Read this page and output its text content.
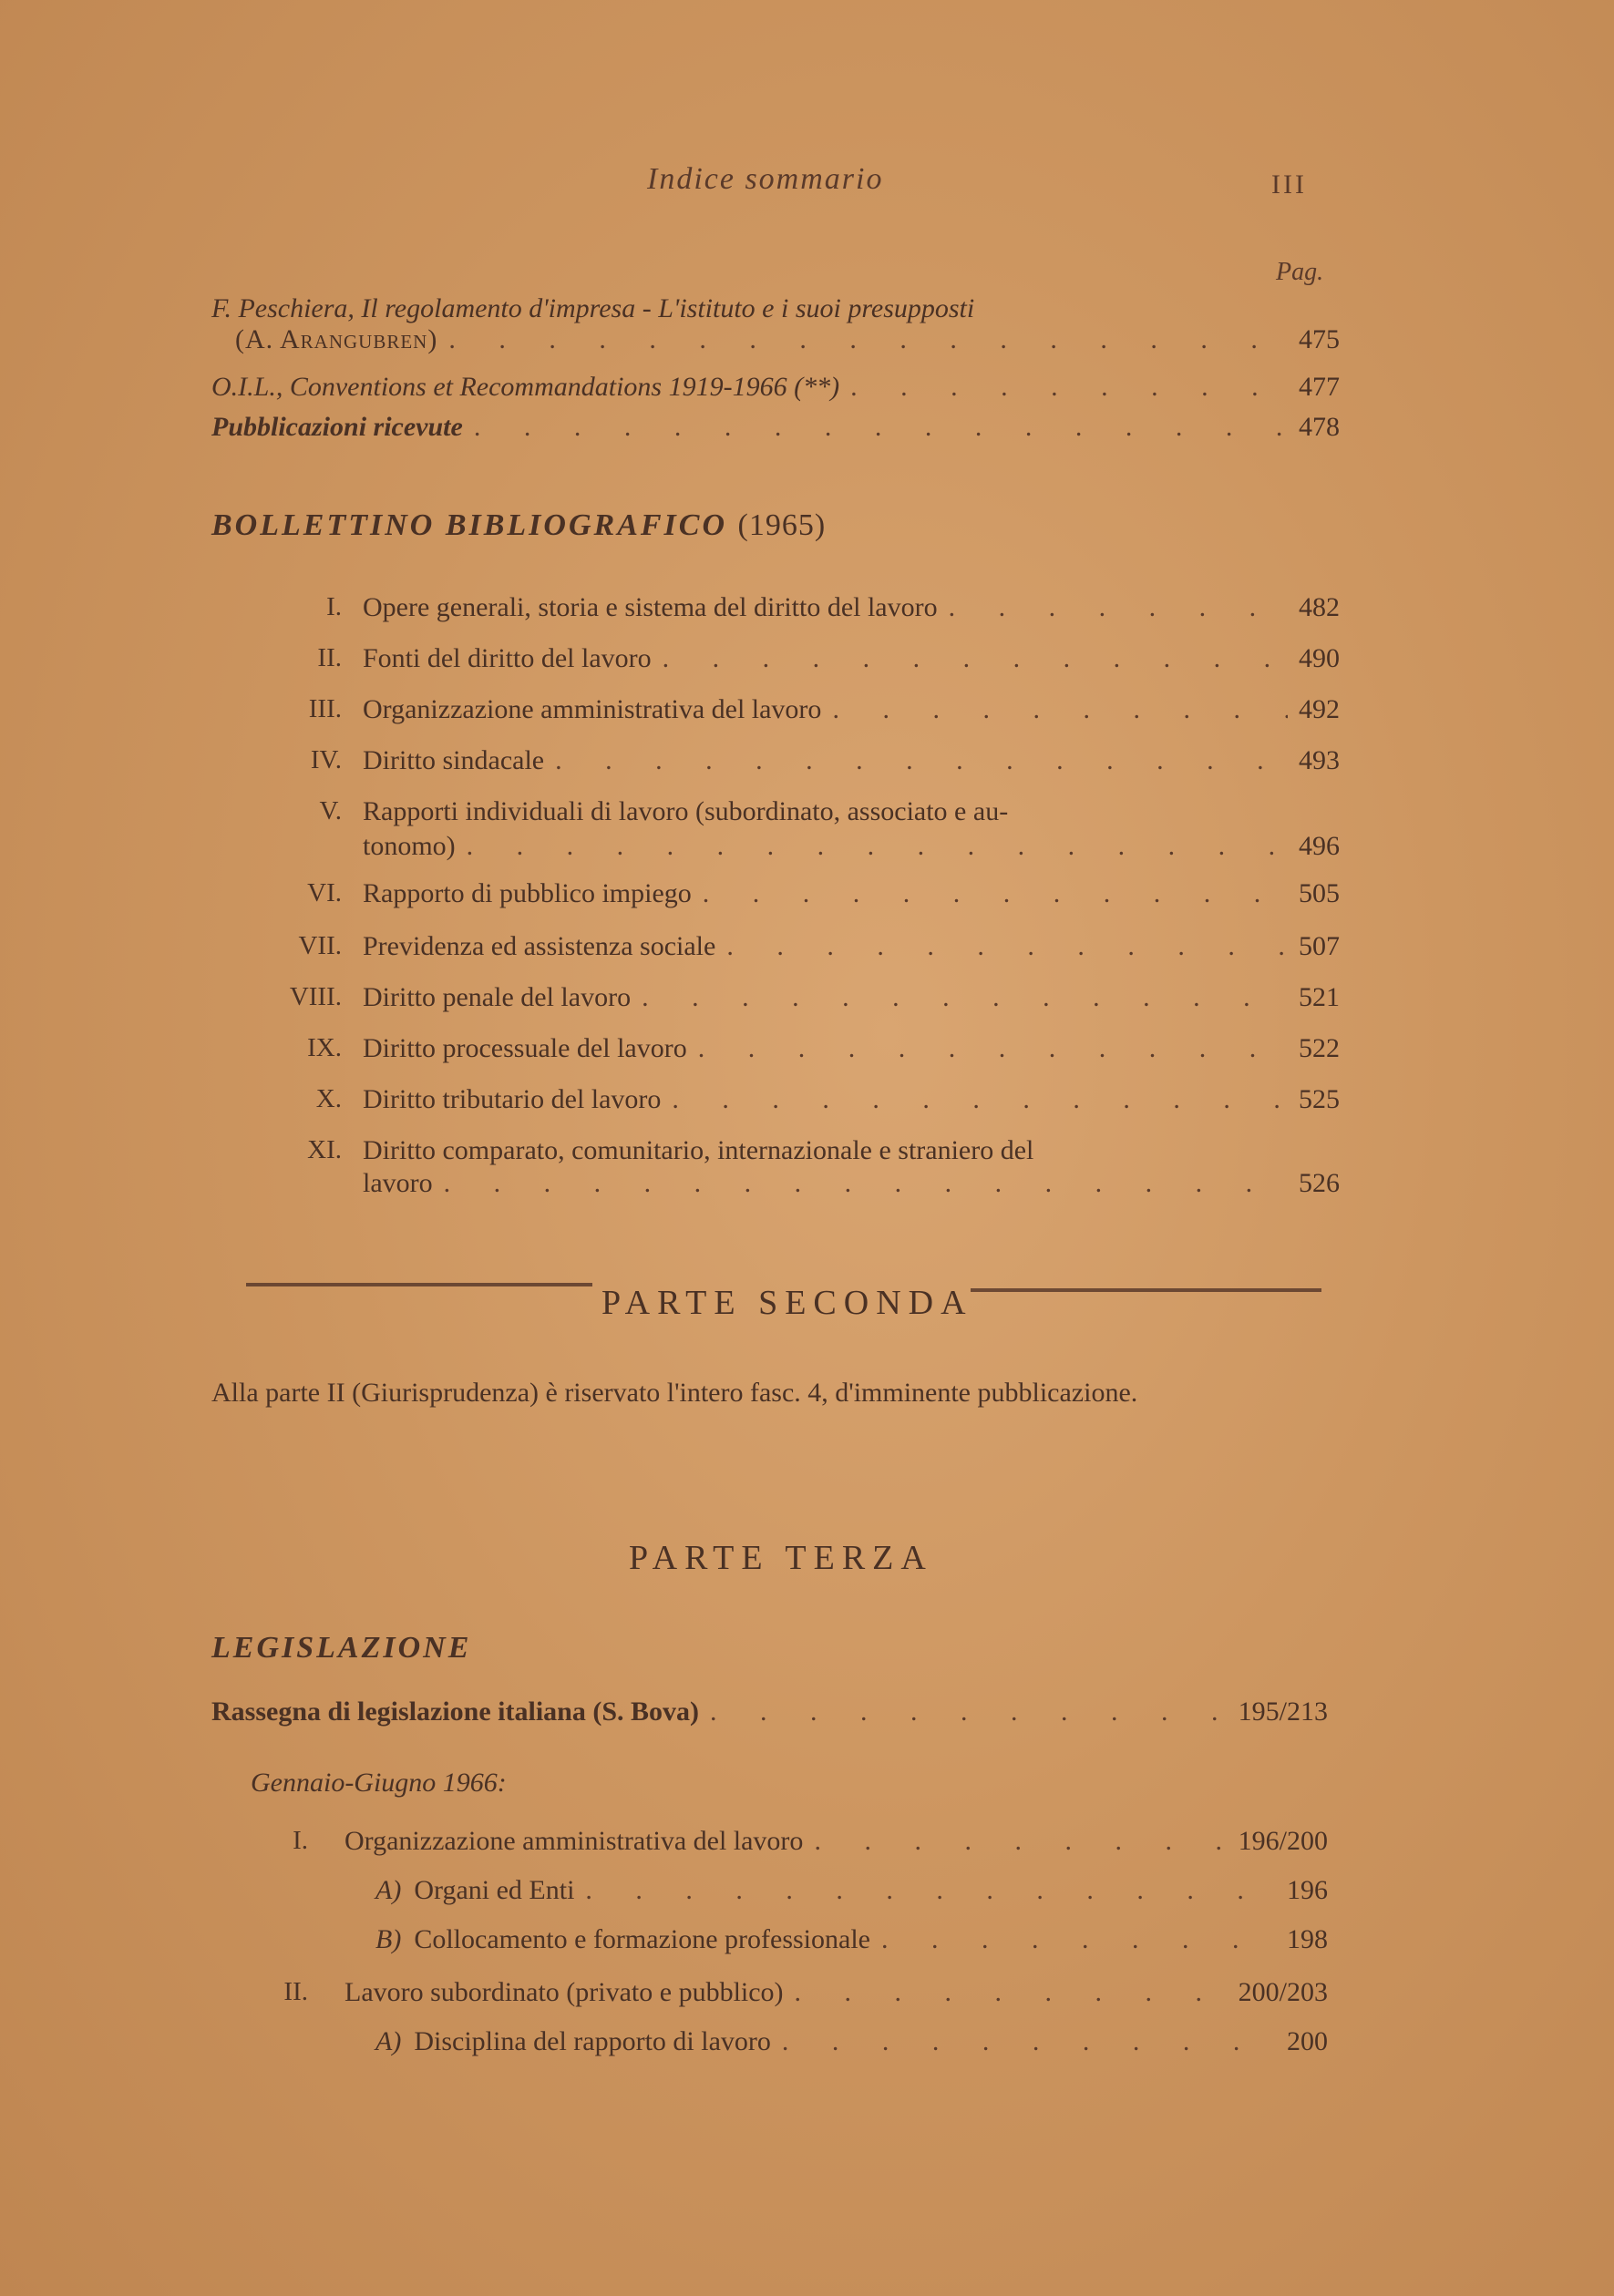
Indice sommario	III
Pag.
F. Peschiera, Il regolamento d'impresa - L'istituto e i suoi presupposti
(A. Arangubren) . . .	475
O.I.L., Conventions et Recommandations 1919-1966 (**) . . .	477
Pubblicazioni ricevute . . .	478
BOLLETTINO BIBLIOGRAFICO (1965)
I. Opere generali, storia e sistema del diritto del lavoro . . .	482
II. Fonti del diritto del lavoro . . .	490
III. Organizzazione amministrativa del lavoro . . .	492
IV. Diritto sindacale . . .	493
V. Rapporti individuali di lavoro (subordinato, associato e au-
tonomo) . . .	496
VI. Rapporto di pubblico impiego . . .	505
VII. Previdenza ed assistenza sociale . . .	507
VIII. Diritto penale del lavoro . . .	521
IX. Diritto processuale del lavoro . . .	522
X. Diritto tributario del lavoro . . .	525
XI. Diritto comparato, comunitario, internazionale e straniero del
lavoro . . .	526
PARTE SECONDA
Alla parte II (Giurisprudenza) è riservato l'intero fasc. 4, d'imminente pubblicazione.
PARTE TERZA
LEGISLAZIONE
Rassegna di legislazione italiana (S. Bova) . . .	195/213
Gennaio-Giugno 1966:
I. Organizzazione amministrativa del lavoro . . .	196/200
A) Organi ed Enti . . .	196
B) Collocamento e formazione professionale . . .	198
II. Lavoro subordinato (privato e pubblico) . . .	200/203
A) Disciplina del rapporto di lavoro . . .	200
